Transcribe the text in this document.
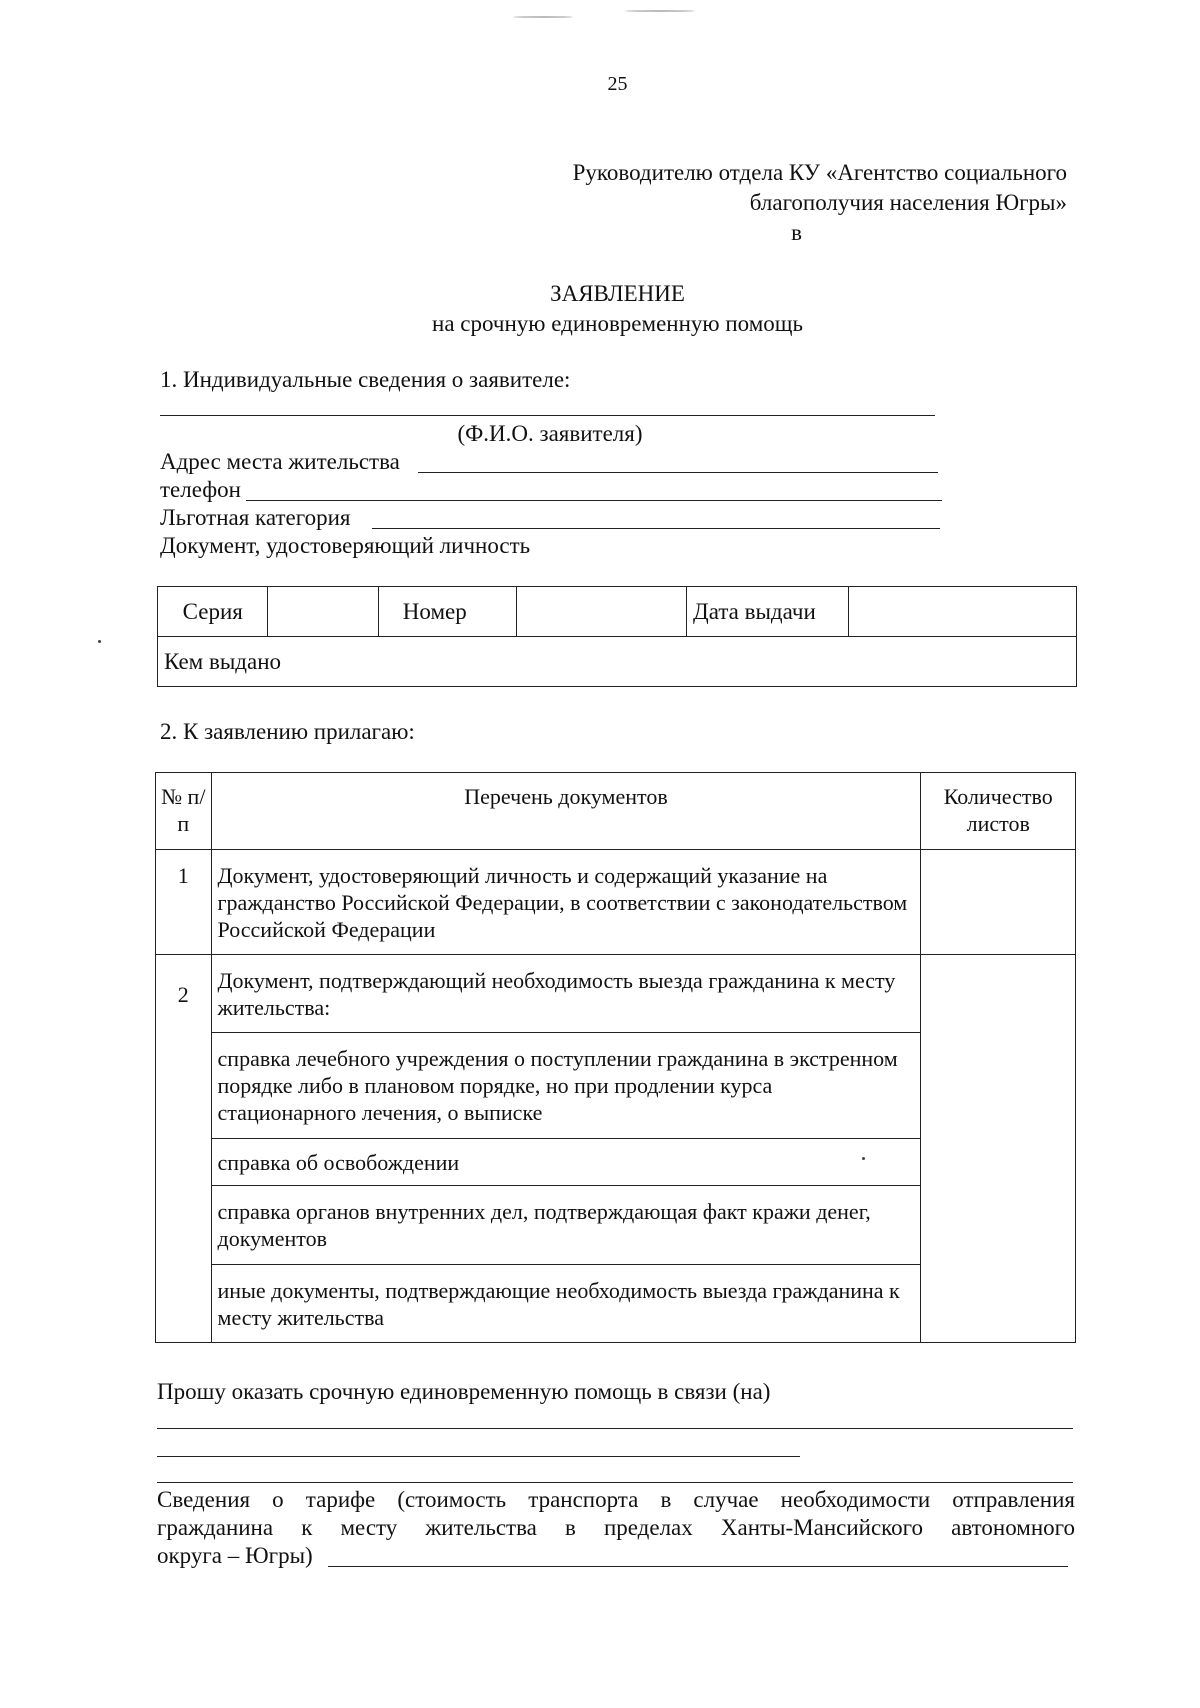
25
Руководителю отдела КУ «Агентство социального
благополучия населения Югры»
в
ЗАЯВЛЕНИЕ
на срочную единовременную помощь
1. Индивидуальные сведения о заявителе:
(Ф.И.О. заявителя)
Адрес места жительства
телефон
Льготная категория
Документ, удостоверяющий личность
Серия		Номер		Дата выдачи	
Кем выдано
2. К заявлению прилагаю:
№ п/п	Перечень документов	Количество листов
1	Документ, удостоверяющий личность и содержащий указание на гражданство Российской Федерации, в соответствии с законодательством Российской Федерации	
2	Документ, подтверждающий необходимость выезда гражданина к месту жительства:	
	справка лечебного учреждения о поступлении гражданина в экстренном порядке либо в плановом порядке, но при продлении курса стационарного лечения, о выписке	
	справка об освобождении	
	справка органов внутренних дел, подтверждающая факт кражи денег, документов	
	иные документы, подтверждающие необходимость выезда гражданина к месту жительства	
Прошу оказать срочную единовременную помощь в связи (на)
Сведения о тарифе (стоимость транспорта в случае необходимости отправления
гражданина к месту жительства в пределах Ханты-Мансийского автономного
округа – Югры)
